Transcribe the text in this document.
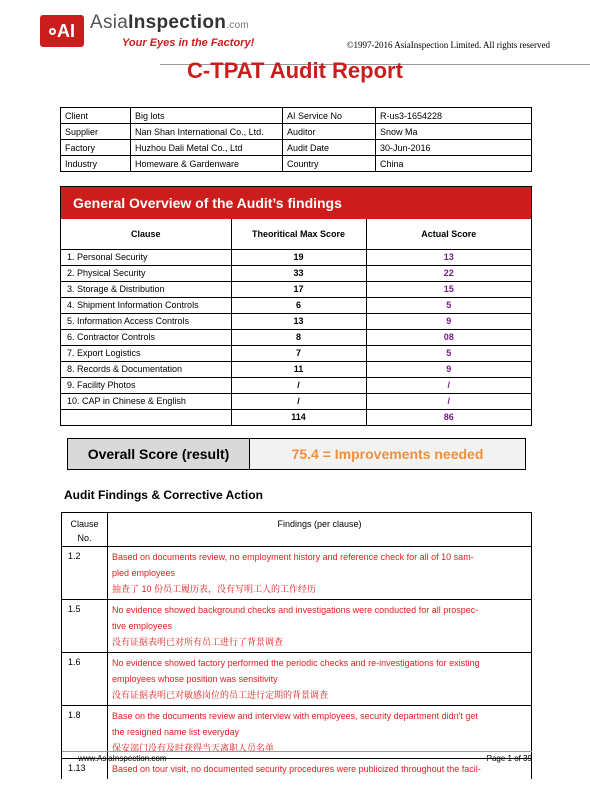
AI AsiaInspection.com
Your Eyes in the Factory!	©1997-2016 AsiaInspection Limited. All rights reserved
C-TPAT Audit Report
Client	Big lots	AI Service No	R-us3-1654228
Supplier	Nan Shan International Co., Ltd.	Auditor	Snow Ma
Factory	Huzhou Dali Metal Co., Ltd	Audit Date	30-Jun-2016
Industry	Homeware & Gardenware	Country	China
General Overview of the Audit’s findings
Clause	Theoritical Max Score	Actual Score
1. Personal Security	19	13
2. Physical Security	33	22
3. Storage & Distribution	17	15
4. Shipment Information Controls	6	5
5. Information Access Controls	13	9
6. Contractor Controls	8	08
7. Export Logistics	7	5
8. Records & Documentation	11	9
9. Facility Photos	/	/
10. CAP in Chinese & English	/	/
	114	86
Overall Score (result)	75.4 = Improvements needed
Audit Findings & Corrective Action
Clause
No.	Findings (per clause)
1.2	Based on documents review, no employment history and reference check for all of 10 sam-
pled employees
抽查了 10 份员工履历表，没有写明工人的工作经历

1.5	No evidence showed background checks and investigations were conducted for all prospec-
tive employees
没有证据表明已对所有员工进行了背景调查

1.6	No evidence showed factory performed the periodic checks and re-investigations for existing
employees whose position was sensitivity
没有证据表明已对敏感岗位的员工进行定期的背景调查

1.8	Base on the documents review and interview with employees, security department didn't get
the resigned name list everyday
保安部门没有及时获得当天离职人员名单

1.13	Based on tour visit, no documented security procedures were publicized throughout the facil-
www.AsiaInspection.com	Page 1 of 39
